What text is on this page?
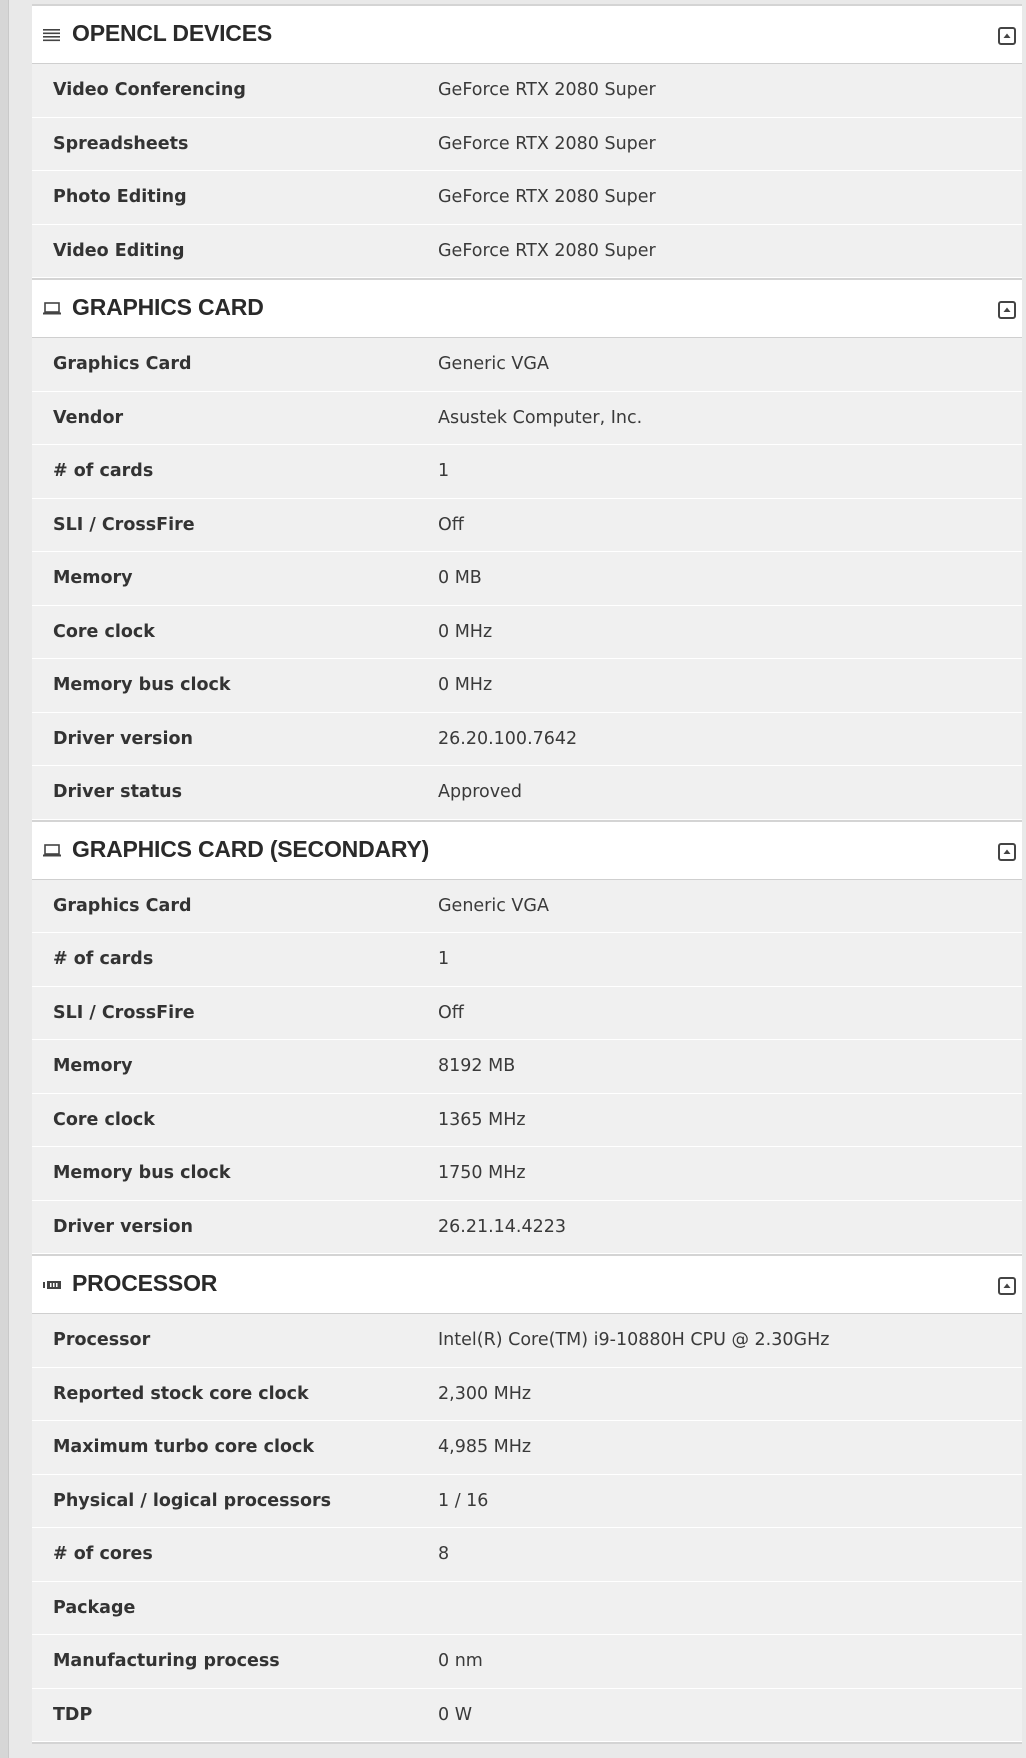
OPENCL DEVICES
Video Conferencing	GeForce RTX 2080 Super
Spreadsheets	GeForce RTX 2080 Super
Photo Editing	GeForce RTX 2080 Super
Video Editing	GeForce RTX 2080 Super
GRAPHICS CARD
Graphics Card	Generic VGA
Vendor	Asustek Computer, Inc.
# of cards	1
SLI / CrossFire	Off
Memory	0 MB
Core clock	0 MHz
Memory bus clock	0 MHz
Driver version	26.20.100.7642
Driver status	Approved
GRAPHICS CARD (SECONDARY)
Graphics Card	Generic VGA
# of cards	1
SLI / CrossFire	Off
Memory	8192 MB
Core clock	1365 MHz
Memory bus clock	1750 MHz
Driver version	26.21.14.4223
PROCESSOR
Processor	Intel(R) Core(TM) i9-10880H CPU @ 2.30GHz
Reported stock core clock	2,300 MHz
Maximum turbo core clock	4,985 MHz
Physical / logical processors	1 / 16
# of cores	8
Package
Manufacturing process	0 nm
TDP	0 W
